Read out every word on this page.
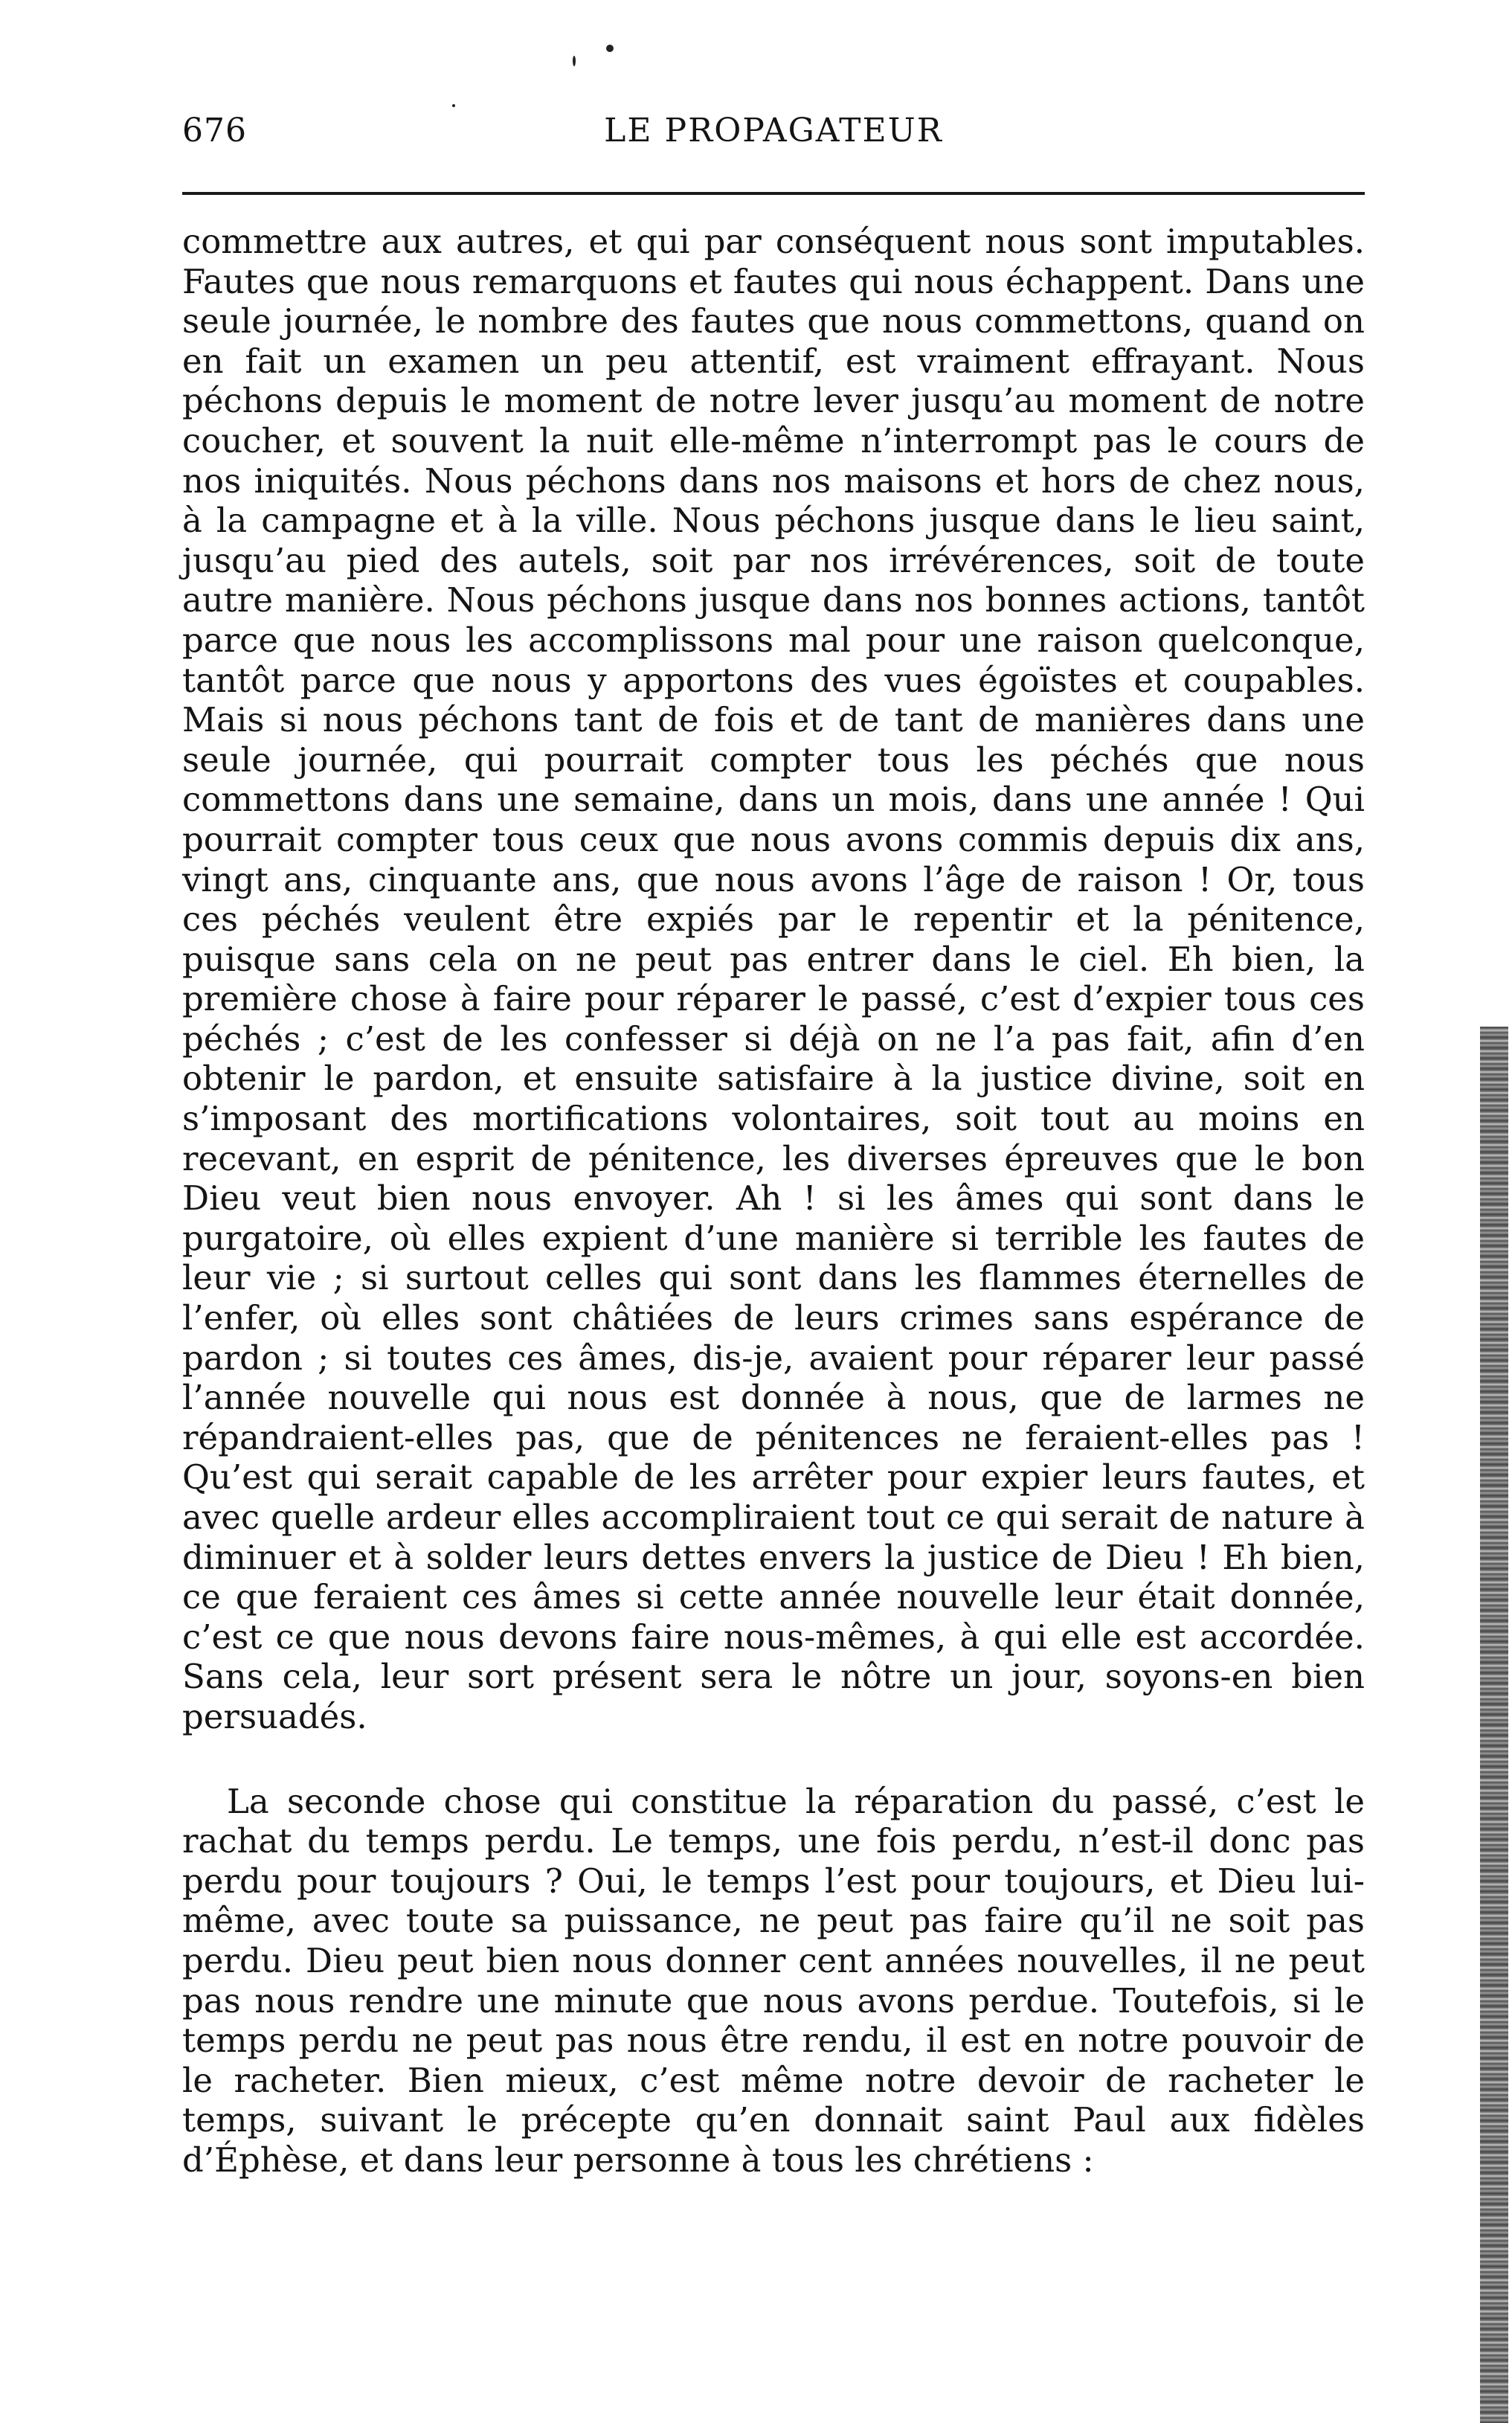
676	LE PROPAGATEUR

commettre aux autres, et qui par conséquent nous sont imputables. Fautes que nous remarquons et fautes qui nous échappent. Dans une seule journée, le nombre des fautes que nous commettons, quand on en fait un examen un peu attentif, est vraiment effrayant. Nous péchons depuis le moment de notre lever jusqu’au moment de notre coucher, et souvent la nuit elle-même n’interrompt pas le cours de nos iniquités. Nous péchons dans nos maisons et hors de chez nous, à la campagne et à la ville. Nous péchons jusque dans le lieu saint, jusqu’au pied des autels, soit par nos irrévérences, soit de toute autre manière. Nous péchons jusque dans nos bonnes actions, tantôt parce que nous les accomplissons mal pour une raison quelconque, tantôt parce que nous y apportons des vues égoïstes et coupables. Mais si nous péchons tant de fois et de tant de manières dans une seule journée, qui pourrait compter tous les péchés que nous commettons dans une semaine, dans un mois, dans une année ! Qui pourrait compter tous ceux que nous avons commis depuis dix ans, vingt ans, cinquante ans, que nous avons l’âge de raison ! Or, tous ces péchés veulent être expiés par le repentir et la pénitence, puisque sans cela on ne peut pas entrer dans le ciel. Eh bien, la première chose à faire pour réparer le passé, c’est d’expier tous ces péchés ; c’est de les confesser si déjà on ne l’a pas fait, afin d’en obtenir le pardon, et ensuite satisfaire à la justice divine, soit en s’imposant des mortifications volontaires, soit tout au moins en recevant, en esprit de pénitence, les diverses épreuves que le bon Dieu veut bien nous envoyer. Ah ! si les âmes qui sont dans le purgatoire, où elles expient d’une manière si terrible les fautes de leur vie ; si surtout celles qui sont dans les flammes éternelles de l’enfer, où elles sont châtiées de leurs crimes sans espérance de pardon ; si toutes ces âmes, dis-je, avaient pour réparer leur passé l’année nouvelle qui nous est donnée à nous, que de larmes ne répandraient-elles pas, que de pénitences ne feraient-elles pas ! Qu’est qui serait capable de les arrêter pour expier leurs fautes, et avec quelle ardeur elles accompliraient tout ce qui serait de nature à diminuer et à solder leurs dettes envers la justice de Dieu ! Eh bien, ce que feraient ces âmes si cette année nouvelle leur était donnée, c’est ce que nous devons faire nous-mêmes, à qui elle est accordée. Sans cela, leur sort présent sera le nôtre un jour, soyons-en bien persuadés.

La seconde chose qui constitue la réparation du passé, c’est le rachat du temps perdu. Le temps, une fois perdu, n’est-il donc pas perdu pour toujours ? Oui, le temps l’est pour toujours, et Dieu lui-même, avec toute sa puissance, ne peut pas faire qu’il ne soit pas perdu. Dieu peut bien nous donner cent années nouvelles, il ne peut pas nous rendre une minute que nous avons perdue. Toutefois, si le temps perdu ne peut pas nous être rendu, il est en notre pouvoir de le racheter. Bien mieux, c’est même notre devoir de racheter le temps, suivant le précepte qu’en donnait saint Paul aux fidèles d’Éphèse, et dans leur personne à tous les chrétiens :
